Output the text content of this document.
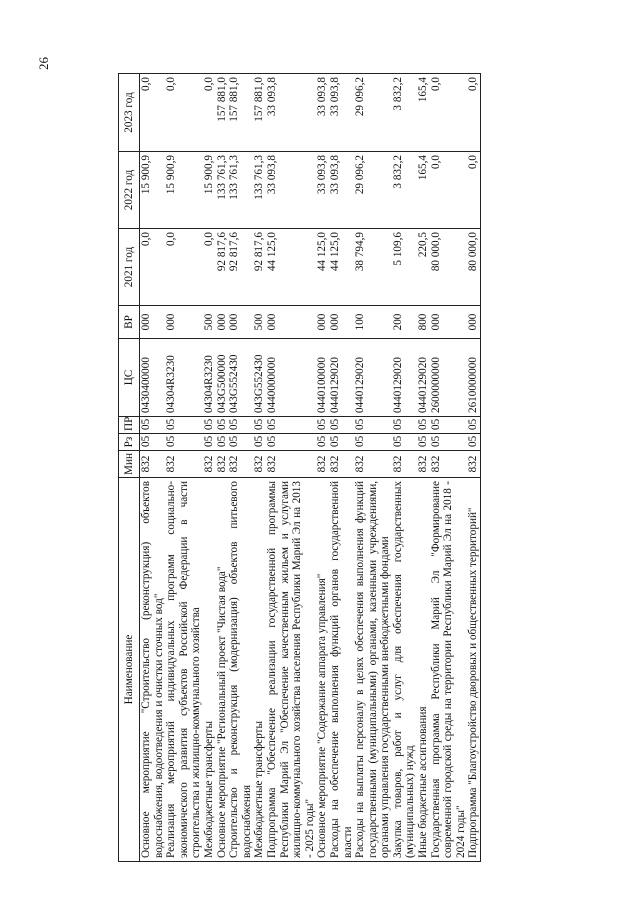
26
Наименование	Мин	Рз	ПР	ЦС	ВР	2021 год	2022 год	2023 год
Основное мероприятие "Строительство (реконструкция) объектов водоснабжения, водоотведения и очистки сточных вод"	832	05	05	0430400000	000	0,0	15 900,9	0,0

Реализация мероприятий индивидуальных программ социально-экономического развития субъектов Российской Федерации в части строительства и жилищно-коммунального хозяйства	832	05	05	04304R3230	000	0,0	15 900,9	0,0

Межбюджетные трансферты	832	05	05	04304R3230	500	0,0	15 900,9	0,0

Основное мероприятие "Региональный проект "Чистая вода"	832	05	05	043G500000	000	92 817,6	133 761,3	157 881,0

Строительство и реконструкция (модернизация) объектов питьевого водоснабжения	832	05	05	043G552430	000	92 817,6	133 761,3	157 881,0

Межбюджетные трансферты	832	05	05	043G552430	500	92 817,6	133 761,3	157 881,0

Подпрограмма "Обеспечение реализации государственной программы Республики Марий Эл "Обеспечение качественным жильем и услугами жилищно-коммунального хозяйства населения Республики Марий Эл на 2013 - 2025 годы"	832	05	05	0440000000	000	44 125,0	33 093,8	33 093,8

Основное мероприятие "Содержание аппарата управления"	832	05	05	0440100000	000	44 125,0	33 093,8	33 093,8

Расходы на обеспечение выполнения функций органов государственной власти	832	05	05	0440129020	000	44 125,0	33 093,8	33 093,8

Расходы на выплаты персоналу в целях обеспечения выполнения функций государственными (муниципальными) органами, казенными учреждениями, органами управления государственными внебюджетными фондами	832	05	05	0440129020	100	38 794,9	29 096,2	29 096,2

Закупка товаров, работ и услуг для обеспечения государственных (муниципальных) нужд	832	05	05	0440129020	200	5 109,6	3 832,2	3 832,2

Иные бюджетные ассигнования	832	05	05	0440129020	800	220,5	165,4	165,4

Государственная программа Республики Марий Эл "Формирование современной городской среды на территории Республики Марий Эл на 2018 - 2024 годы"	832	05	05	2600000000	000	80 000,0	0,0	0,0

Подпрограмма "Благоустройство дворовых и общественных территорий"	832	05	05	2610000000	000	80 000,0	0,0	0,0
